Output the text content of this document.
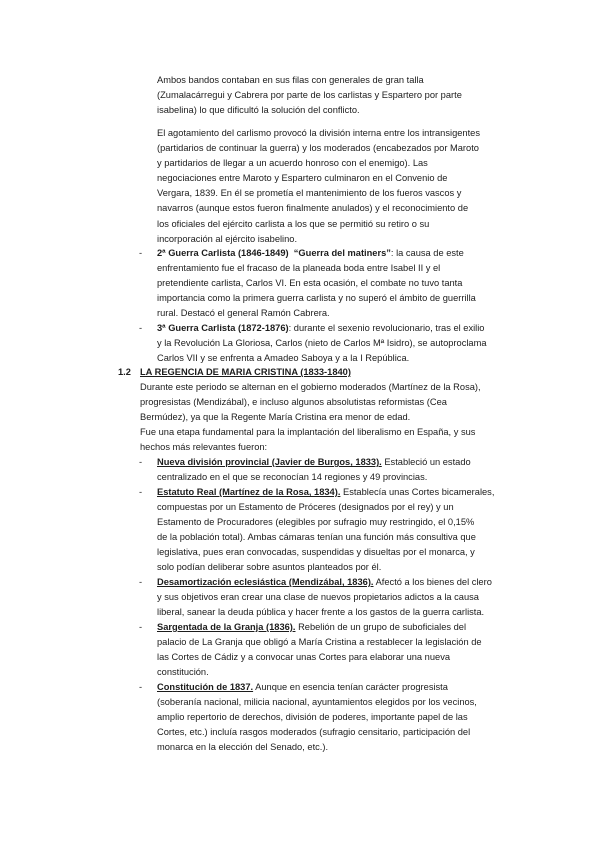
Ambos bandos contaban en sus filas con generales de gran talla
(Zumalacárregui y Cabrera por parte de los carlistas y Espartero por parte
isabelina) lo que dificultó la solución del conflicto.

El agotamiento del carlismo provocó la división interna entre los intransigentes
(partidarios de continuar la guerra) y los moderados (encabezados por Maroto
y partidarios de llegar a un acuerdo honroso con el enemigo). Las
negociaciones entre Maroto y Espartero culminaron en el Convenio de
Vergara, 1839. En él se prometía el mantenimiento de los fueros vascos y
navarros (aunque estos fueron finalmente anulados) y el reconocimiento de
los oficiales del ejército carlista a los que se permitió su retiro o su
incorporación al ejército isabelino.

- 2ª Guerra Carlista (1846-1849) “Guerra del matiners”: la causa de este
enfrentamiento fue el fracaso de la planeada boda entre Isabel II y el
pretendiente carlista, Carlos VI. En esta ocasión, el combate no tuvo tanta
importancia como la primera guerra carlista y no superó el ámbito de guerrilla
rural. Destacó el general Ramón Cabrera.

- 3ª Guerra Carlista (1872-1876): durante el sexenio revolucionario, tras el exilio
y la Revolución La Gloriosa, Carlos (nieto de Carlos Mª Isidro), se autoproclama
Carlos VII y se enfrenta a Amadeo Saboya y a la I República.

1.2 LA REGENCIA DE MARIA CRISTINA (1833-1840)

Durante este periodo se alternan en el gobierno moderados (Martínez de la Rosa),
progresistas (Mendizábal), e incluso algunos absolutistas reformistas (Cea
Bermúdez), ya que la Regente María Cristina era menor de edad.

Fue una etapa fundamental para la implantación del liberalismo en España, y sus
hechos más relevantes fueron:

- Nueva división provincial (Javier de Burgos, 1833). Estableció un estado
centralizado en el que se reconocían 14 regiones y 49 provincias.

- Estatuto Real (Martínez de la Rosa, 1834). Establecía unas Cortes bicamerales,
compuestas por un Estamento de Próceres (designados por el rey) y un
Estamento de Procuradores (elegibles por sufragio muy restringido, el 0,15%
de la población total). Ambas cámaras tenían una función más consultiva que
legislativa, pues eran convocadas, suspendidas y disueltas por el monarca, y
solo podían deliberar sobre asuntos planteados por él.

- Desamortización eclesiástica (Mendizábal, 1836). Afectó a los bienes del clero
y sus objetivos eran crear una clase de nuevos propietarios adictos a la causa
liberal, sanear la deuda pública y hacer frente a los gastos de la guerra carlista.

- Sargentada de la Granja (1836). Rebelión de un grupo de suboficiales del
palacio de La Granja que obligó a María Cristina a restablecer la legislación de
las Cortes de Cádiz y a convocar unas Cortes para elaborar una nueva
constitución.

- Constitución de 1837. Aunque en esencia tenían carácter progresista
(soberanía nacional, milicia nacional, ayuntamientos elegidos por los vecinos,
amplio repertorio de derechos, división de poderes, importante papel de las
Cortes, etc.) incluía rasgos moderados (sufragio censitario, participación del
monarca en la elección del Senado, etc.).
